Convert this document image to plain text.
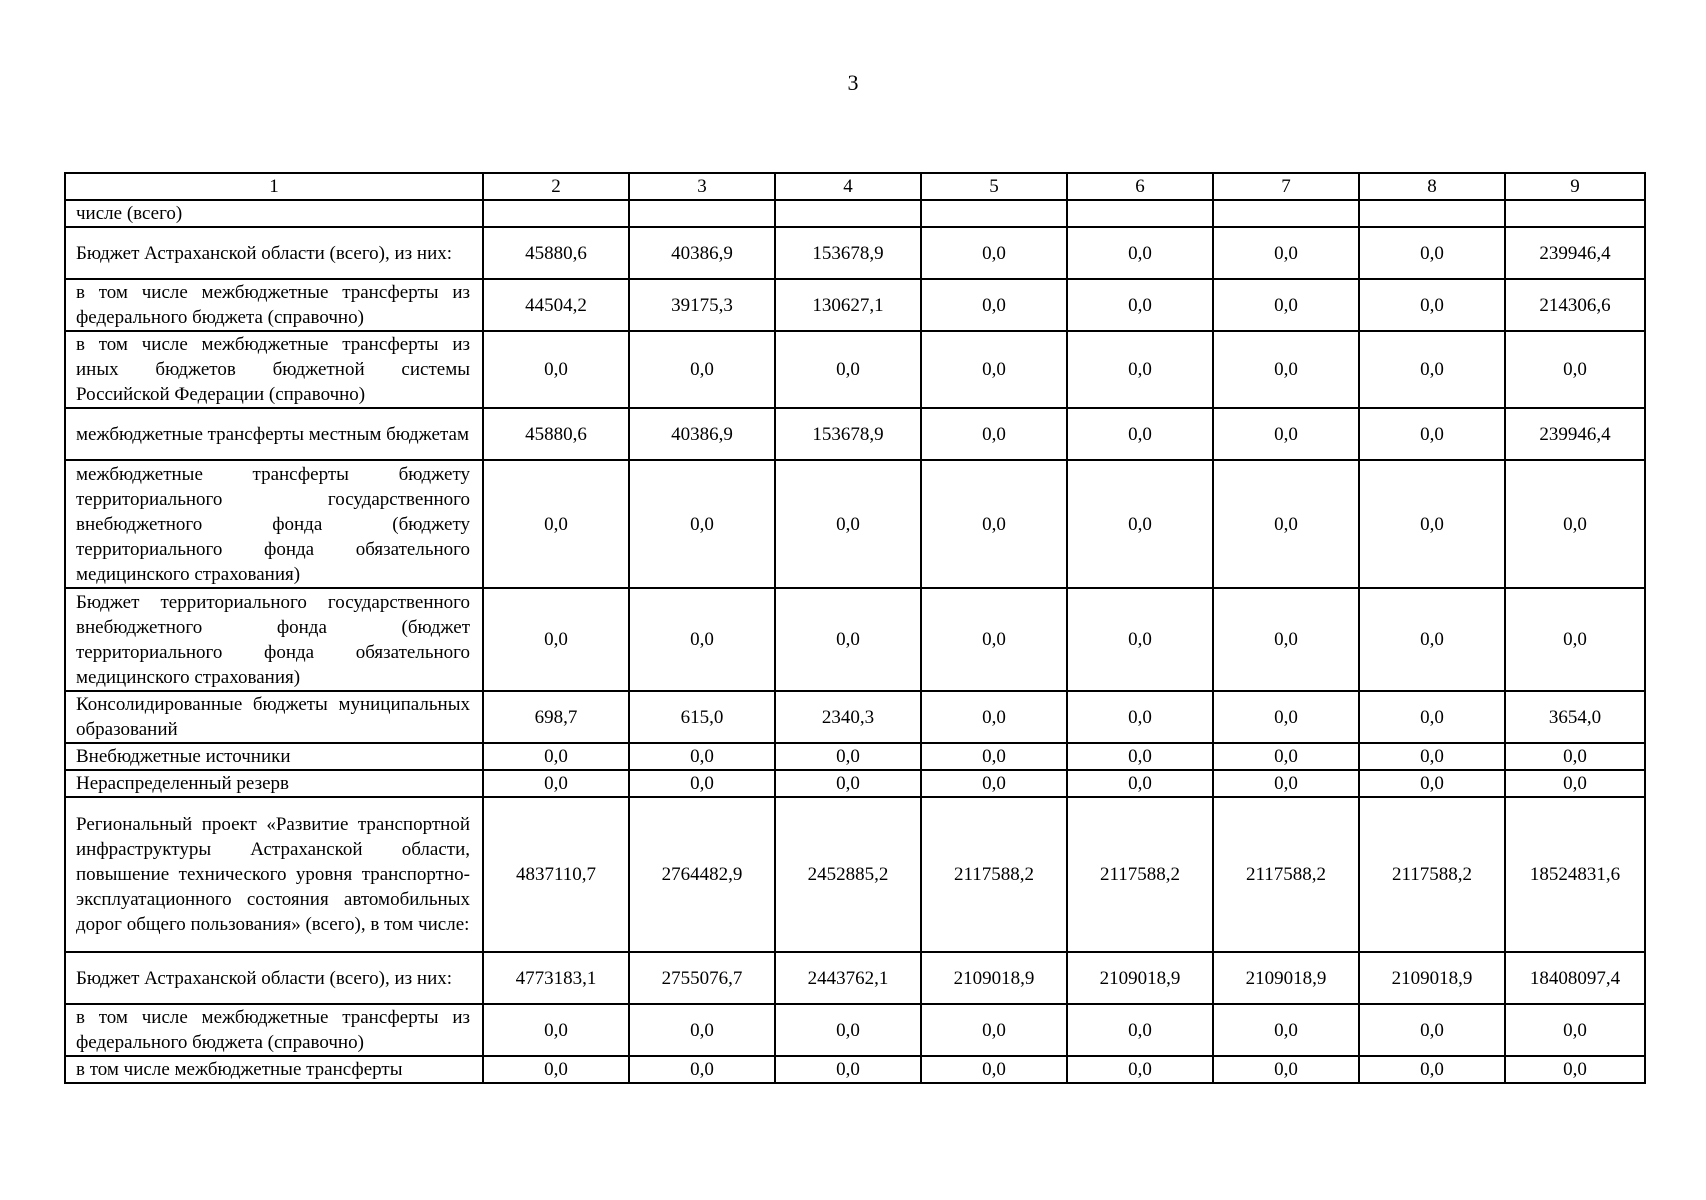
3
1	2	3	4	5	6	7	8	9
числе (всего)								
Бюджет Астраханской области (всего), из них:	45880,6	40386,9	153678,9	0,0	0,0	0,0	0,0	239946,4
в том числе межбюджетные трансферты из федерального бюджета (справочно)	44504,2	39175,3	130627,1	0,0	0,0	0,0	0,0	214306,6
в том числе межбюджетные трансферты из иных бюджетов бюджетной системы Российской Федерации (справочно)	0,0	0,0	0,0	0,0	0,0	0,0	0,0	0,0
межбюджетные трансферты местным бюджетам	45880,6	40386,9	153678,9	0,0	0,0	0,0	0,0	239946,4
межбюджетные трансферты бюджету территориального государственного внебюджетного фонда (бюджету территориального фонда обязательного медицинского страхования)	0,0	0,0	0,0	0,0	0,0	0,0	0,0	0,0
Бюджет территориального государственного внебюджетного фонда (бюджет территориального фонда обязательного медицинского страхования)	0,0	0,0	0,0	0,0	0,0	0,0	0,0	0,0
Консолидированные бюджеты муниципальных образований	698,7	615,0	2340,3	0,0	0,0	0,0	0,0	3654,0
Внебюджетные источники	0,0	0,0	0,0	0,0	0,0	0,0	0,0	0,0
Нераспределенный резерв	0,0	0,0	0,0	0,0	0,0	0,0	0,0	0,0
Региональный проект «Развитие транспортной инфраструктуры Астраханской области, повышение технического уровня транспортно-эксплуатационного состояния автомобильных дорог общего пользования» (всего), в том числе:	4837110,7	2764482,9	2452885,2	2117588,2	2117588,2	2117588,2	2117588,2	18524831,6
Бюджет Астраханской области (всего), из них:	4773183,1	2755076,7	2443762,1	2109018,9	2109018,9	2109018,9	2109018,9	18408097,4
в том числе межбюджетные трансферты из федерального бюджета (справочно)	0,0	0,0	0,0	0,0	0,0	0,0	0,0	0,0
в том числе межбюджетные трансферты	0,0	0,0	0,0	0,0	0,0	0,0	0,0	0,0
